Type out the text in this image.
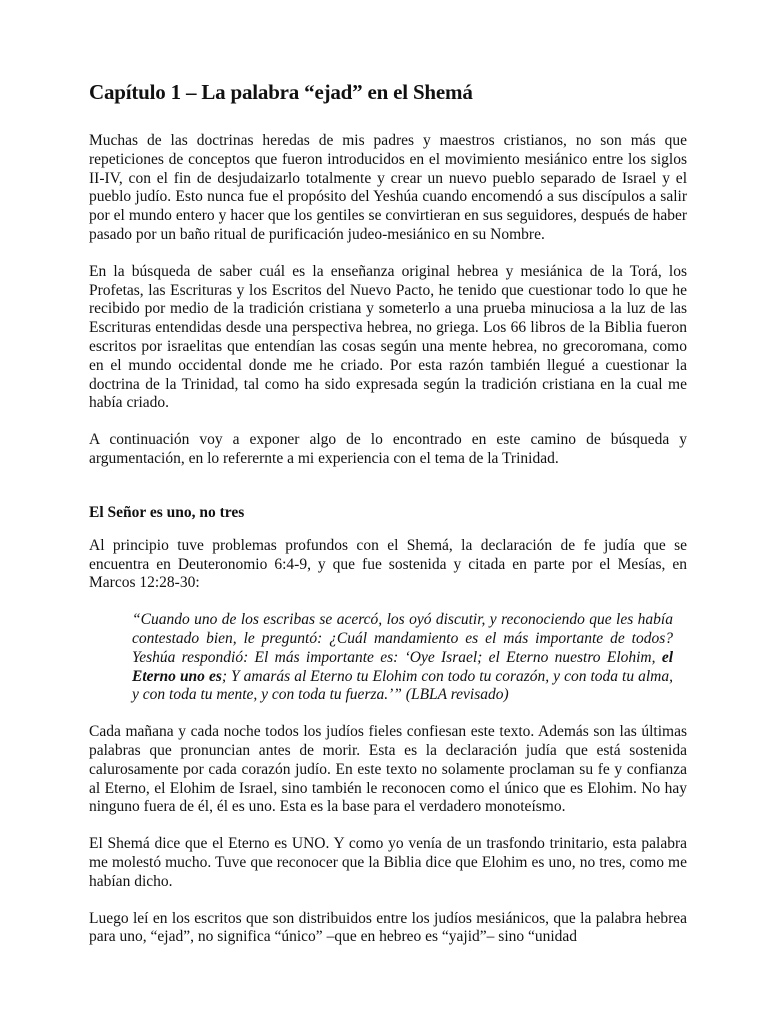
Capítulo 1 – La palabra “ejad” en el Shemá

Muchas de las doctrinas heredas de mis padres y maestros cristianos, no son más que repeticiones de conceptos que fueron introducidos en el movimiento mesiánico entre los siglos II-IV, con el fin de desjudaizarlo totalmente y crear un nuevo pueblo separado de Israel y el pueblo judío. Esto nunca fue el propósito del Yeshúa cuando encomendó a sus discípulos a salir por el mundo entero y hacer que los gentiles se convirtieran en sus seguidores, después de haber pasado por un baño ritual de purificación judeo-mesiánico en su Nombre.

En la búsqueda de saber cuál es la enseñanza original hebrea y mesiánica de la Torá, los Profetas, las Escrituras y los Escritos del Nuevo Pacto, he tenido que cuestionar todo lo que he recibido por medio de la tradición cristiana y someterlo a una prueba minuciosa a la luz de las Escrituras entendidas desde una perspectiva hebrea, no griega. Los 66 libros de la Biblia fueron escritos por israelitas que entendían las cosas según una mente hebrea, no grecoromana, como en el mundo occidental donde me he criado. Por esta razón también llegué a cuestionar la doctrina de la Trinidad, tal como ha sido expresada según la tradición cristiana en la cual me había criado.

A continuación voy a exponer algo de lo encontrado en este camino de búsqueda y argumentación, en lo referernte a mi experiencia con el tema de la Trinidad.

El Señor es uno, no tres

Al principio tuve problemas profundos con el Shemá, la declaración de fe judía que se encuentra en Deuteronomio 6:4-9, y que fue sostenida y citada en parte por el Mesías, en Marcos 12:28-30:

“Cuando uno de los escribas se acercó, los oyó discutir, y reconociendo que les había contestado bien, le preguntó: ¿Cuál mandamiento es el más importante de todos? Yeshúa respondió: El más importante es: ‘Oye Israel; el Eterno nuestro Elohim, el Eterno uno es; Y amarás al Eterno tu Elohim con todo tu corazón, y con toda tu alma, y con toda tu mente, y con toda tu fuerza.’” (LBLA revisado)

Cada mañana y cada noche todos los judíos fieles confiesan este texto. Además son las últimas palabras que pronuncian antes de morir. Esta es la declaración judía que está sostenida calurosamente por cada corazón judío. En este texto no solamente proclaman su fe y confianza al Eterno, el Elohim de Israel, sino también le reconocen como el único que es Elohim. No hay ninguno fuera de él, él es uno. Esta es la base para el verdadero monoteísmo.

El Shemá dice que el Eterno es UNO. Y como yo venía de un trasfondo trinitario, esta palabra me molestó mucho. Tuve que reconocer que la Biblia dice que Elohim es uno, no tres, como me habían dicho.

Luego leí en los escritos que son distribuidos entre los judíos mesiánicos, que la palabra hebrea para uno, “ejad”, no significa “único” –que en hebreo es “yajid”– sino “unidad
